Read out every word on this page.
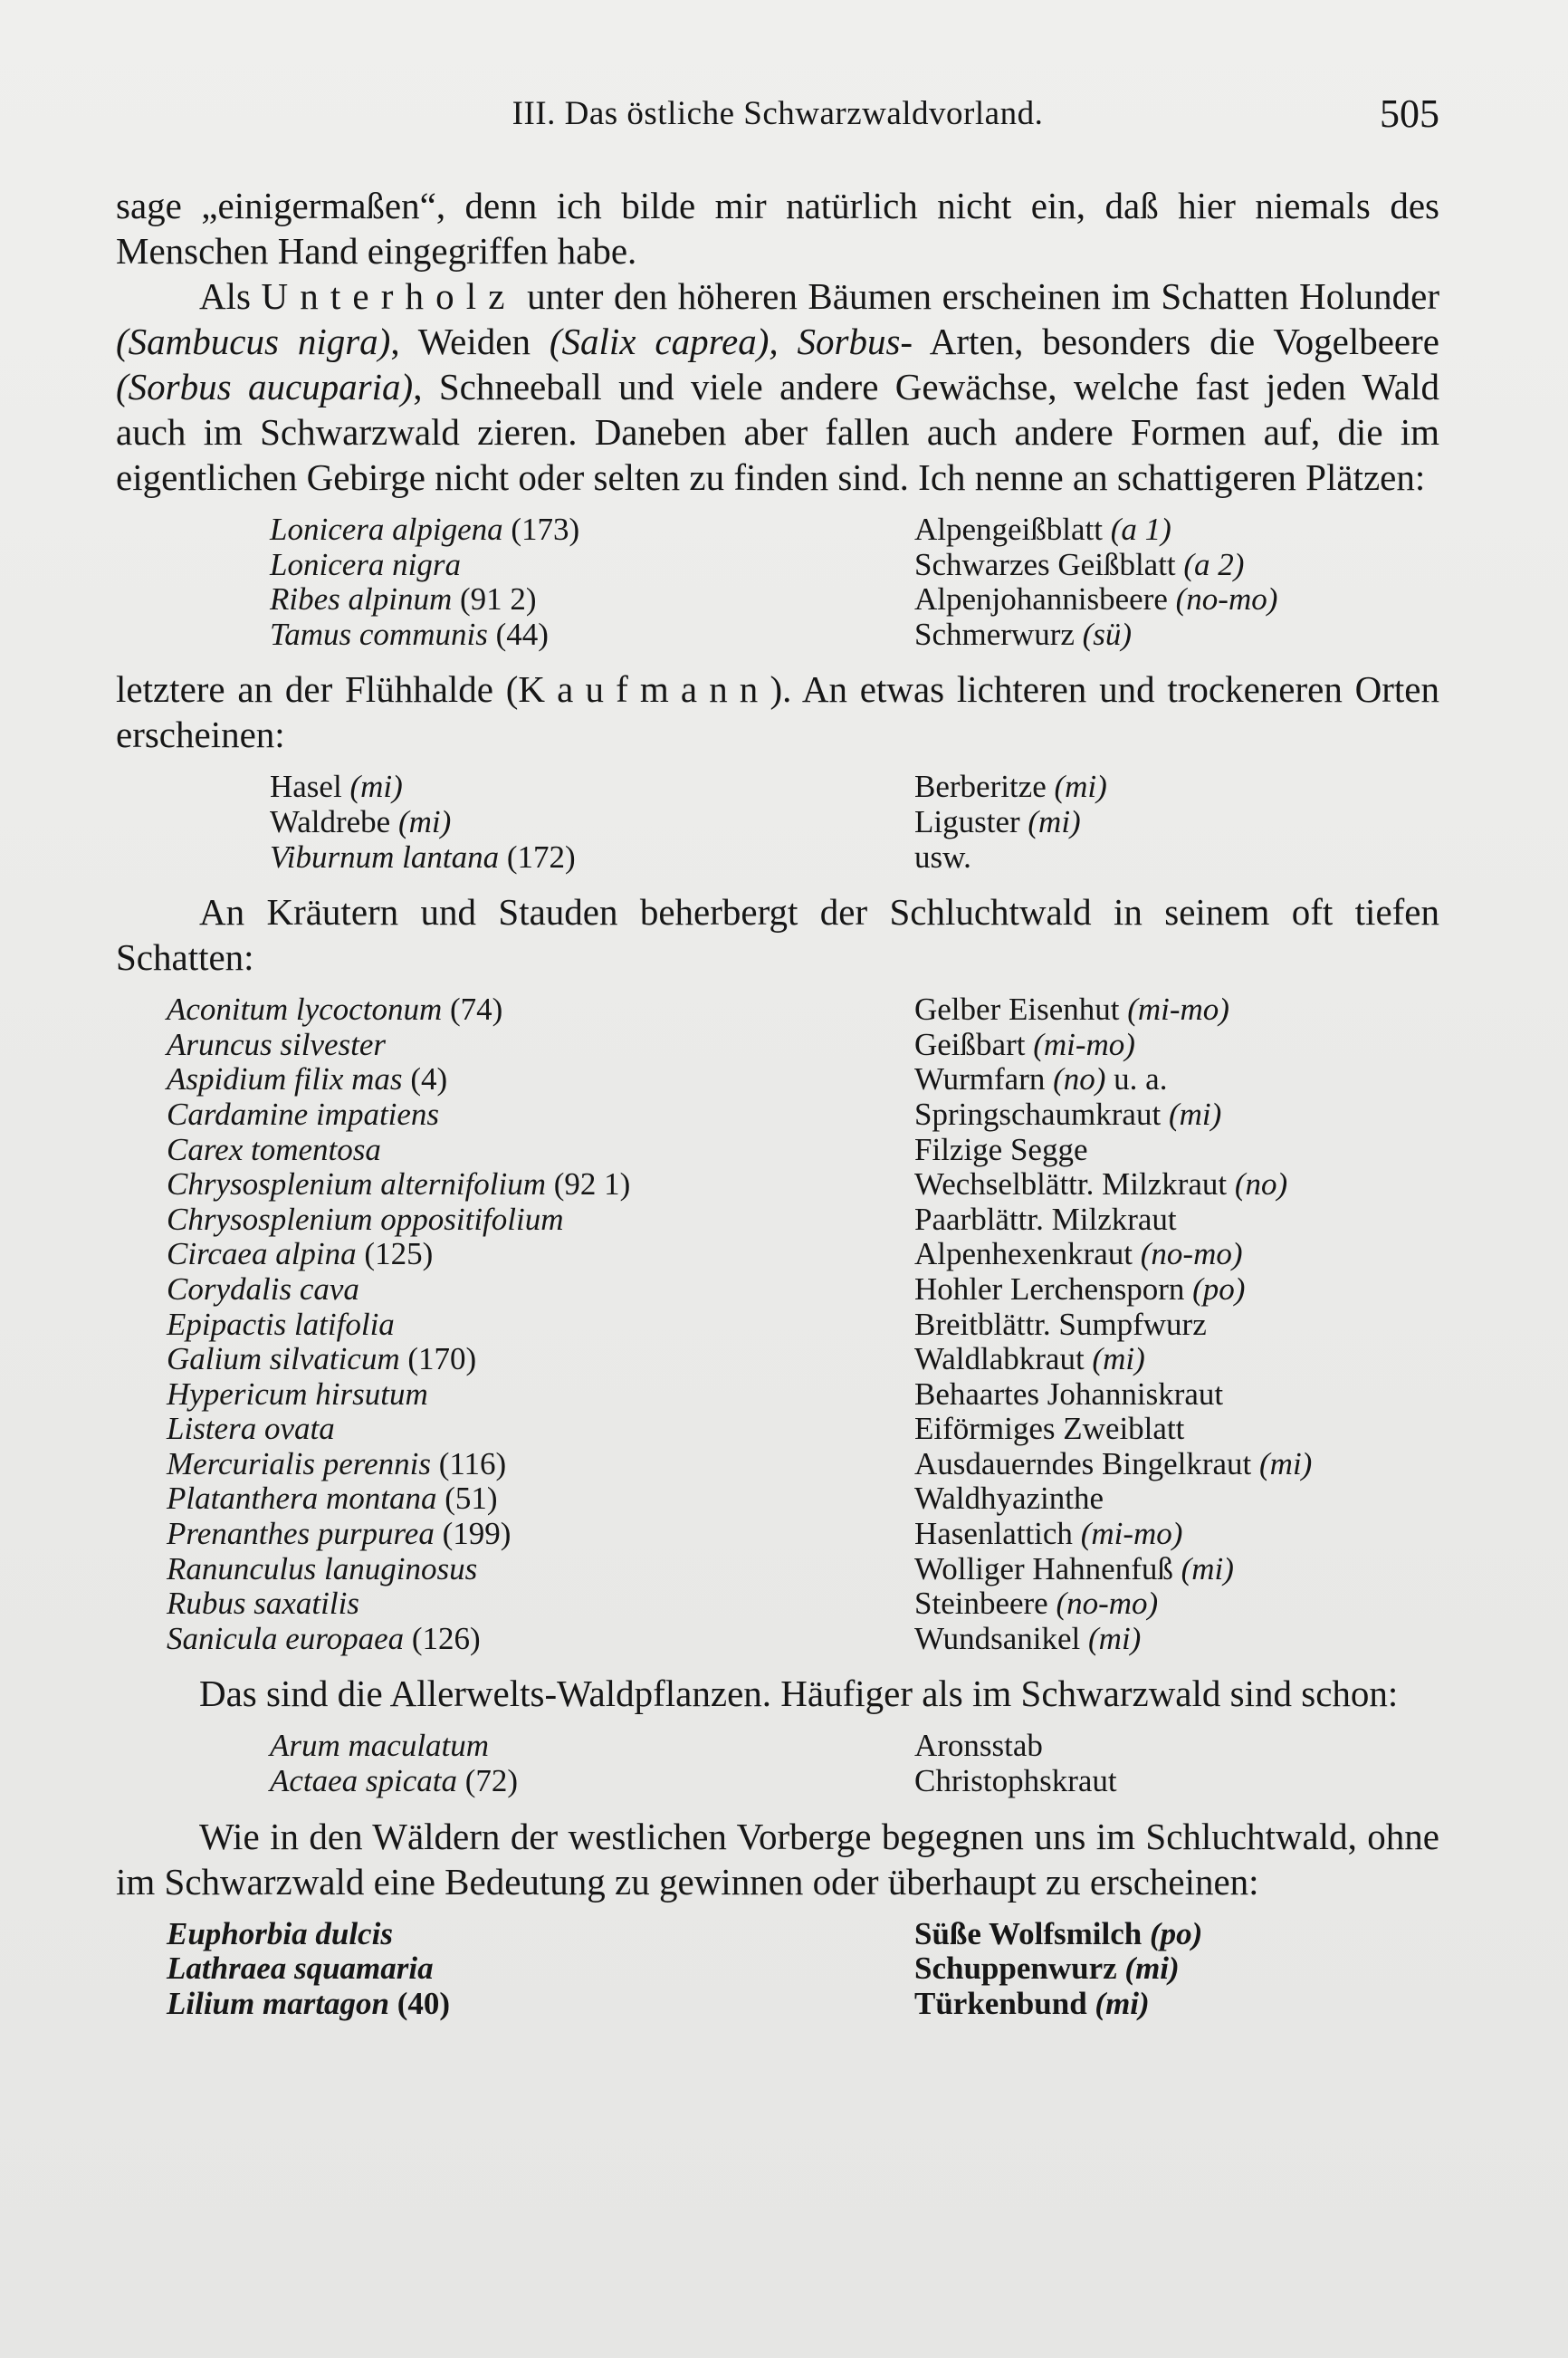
III. Das östliche Schwarzwaldvorland.	505

sage „einigermaßen“, denn ich bilde mir natürlich nicht ein, daß hier niemals des Menschen Hand eingegriffen habe.

Als Unterholz unter den höheren Bäumen erscheinen im Schatten Holunder (Sambucus nigra), Weiden (Salix caprea), Sorbus- Arten, besonders die Vogelbeere (Sorbus aucuparia), Schneeball und viele andere Gewächse, welche fast jeden Wald auch im Schwarzwald zieren. Daneben aber fallen auch andere Formen auf, die im eigentlichen Gebirge nicht oder selten zu finden sind. Ich nenne an schattigeren Plätzen:

Lonicera alpigena (173)	Alpengeißblatt (a 1)
Lonicera nigra	Schwarzes Geißblatt (a 2)
Ribes alpinum (91 2)	Alpenjohannisbeere (no-mo)
Tamus communis (44)	Schmerwurz (sü)

letztere an der Flühhalde (Kaufmann). An etwas lichteren und trockeneren Orten erscheinen:

Hasel (mi)	Berberitze (mi)
Waldrebe (mi)	Liguster (mi)
Viburnum lantana (172)	usw.

An Kräutern und Stauden beherbergt der Schluchtwald in seinem oft tiefen Schatten:

Aconitum lycoctonum (74)	Gelber Eisenhut (mi-mo)
Aruncus silvester	Geißbart (mi-mo)
Aspidium filix mas (4)	Wurmfarn (no) u. a.
Cardamine impatiens	Springschaumkraut (mi)
Carex tomentosa	Filzige Segge
Chrysosplenium alternifolium (92 1)	Wechselblättr. Milzkraut (no)
Chrysosplenium oppositifolium	Paarblättr. Milzkraut
Circaea alpina (125)	Alpenhexenkraut (no-mo)
Corydalis cava	Hohler Lerchensporn (po)
Epipactis latifolia	Breitblättr. Sumpfwurz
Galium silvaticum (170)	Waldlabkraut (mi)
Hypericum hirsutum	Behaartes Johanniskraut
Listera ovata	Eiförmiges Zweiblatt
Mercurialis perennis (116)	Ausdauerndes Bingelkraut (mi)
Platanthera montana (51)	Waldhyazinthe
Prenanthes purpurea (199)	Hasenlattich (mi-mo)
Ranunculus lanuginosus	Wolliger Hahnenfuß (mi)
Rubus saxatilis	Steinbeere (no-mo)
Sanicula europaea (126)	Wundsanikel (mi)

Das sind die Allerwelts-Waldpflanzen. Häufiger als im Schwarzwald sind schon:

Arum maculatum	Aronsstab
Actaea spicata (72)	Christophskraut

Wie in den Wäldern der westlichen Vorberge begegnen uns im Schluchtwald, ohne im Schwarzwald eine Bedeutung zu gewinnen oder überhaupt zu erscheinen:

Euphorbia dulcis	Süße Wolfsmilch (po)
Lathraea squamaria	Schuppenwurz (mi)
Lilium martagon (40)	Türkenbund (mi)
